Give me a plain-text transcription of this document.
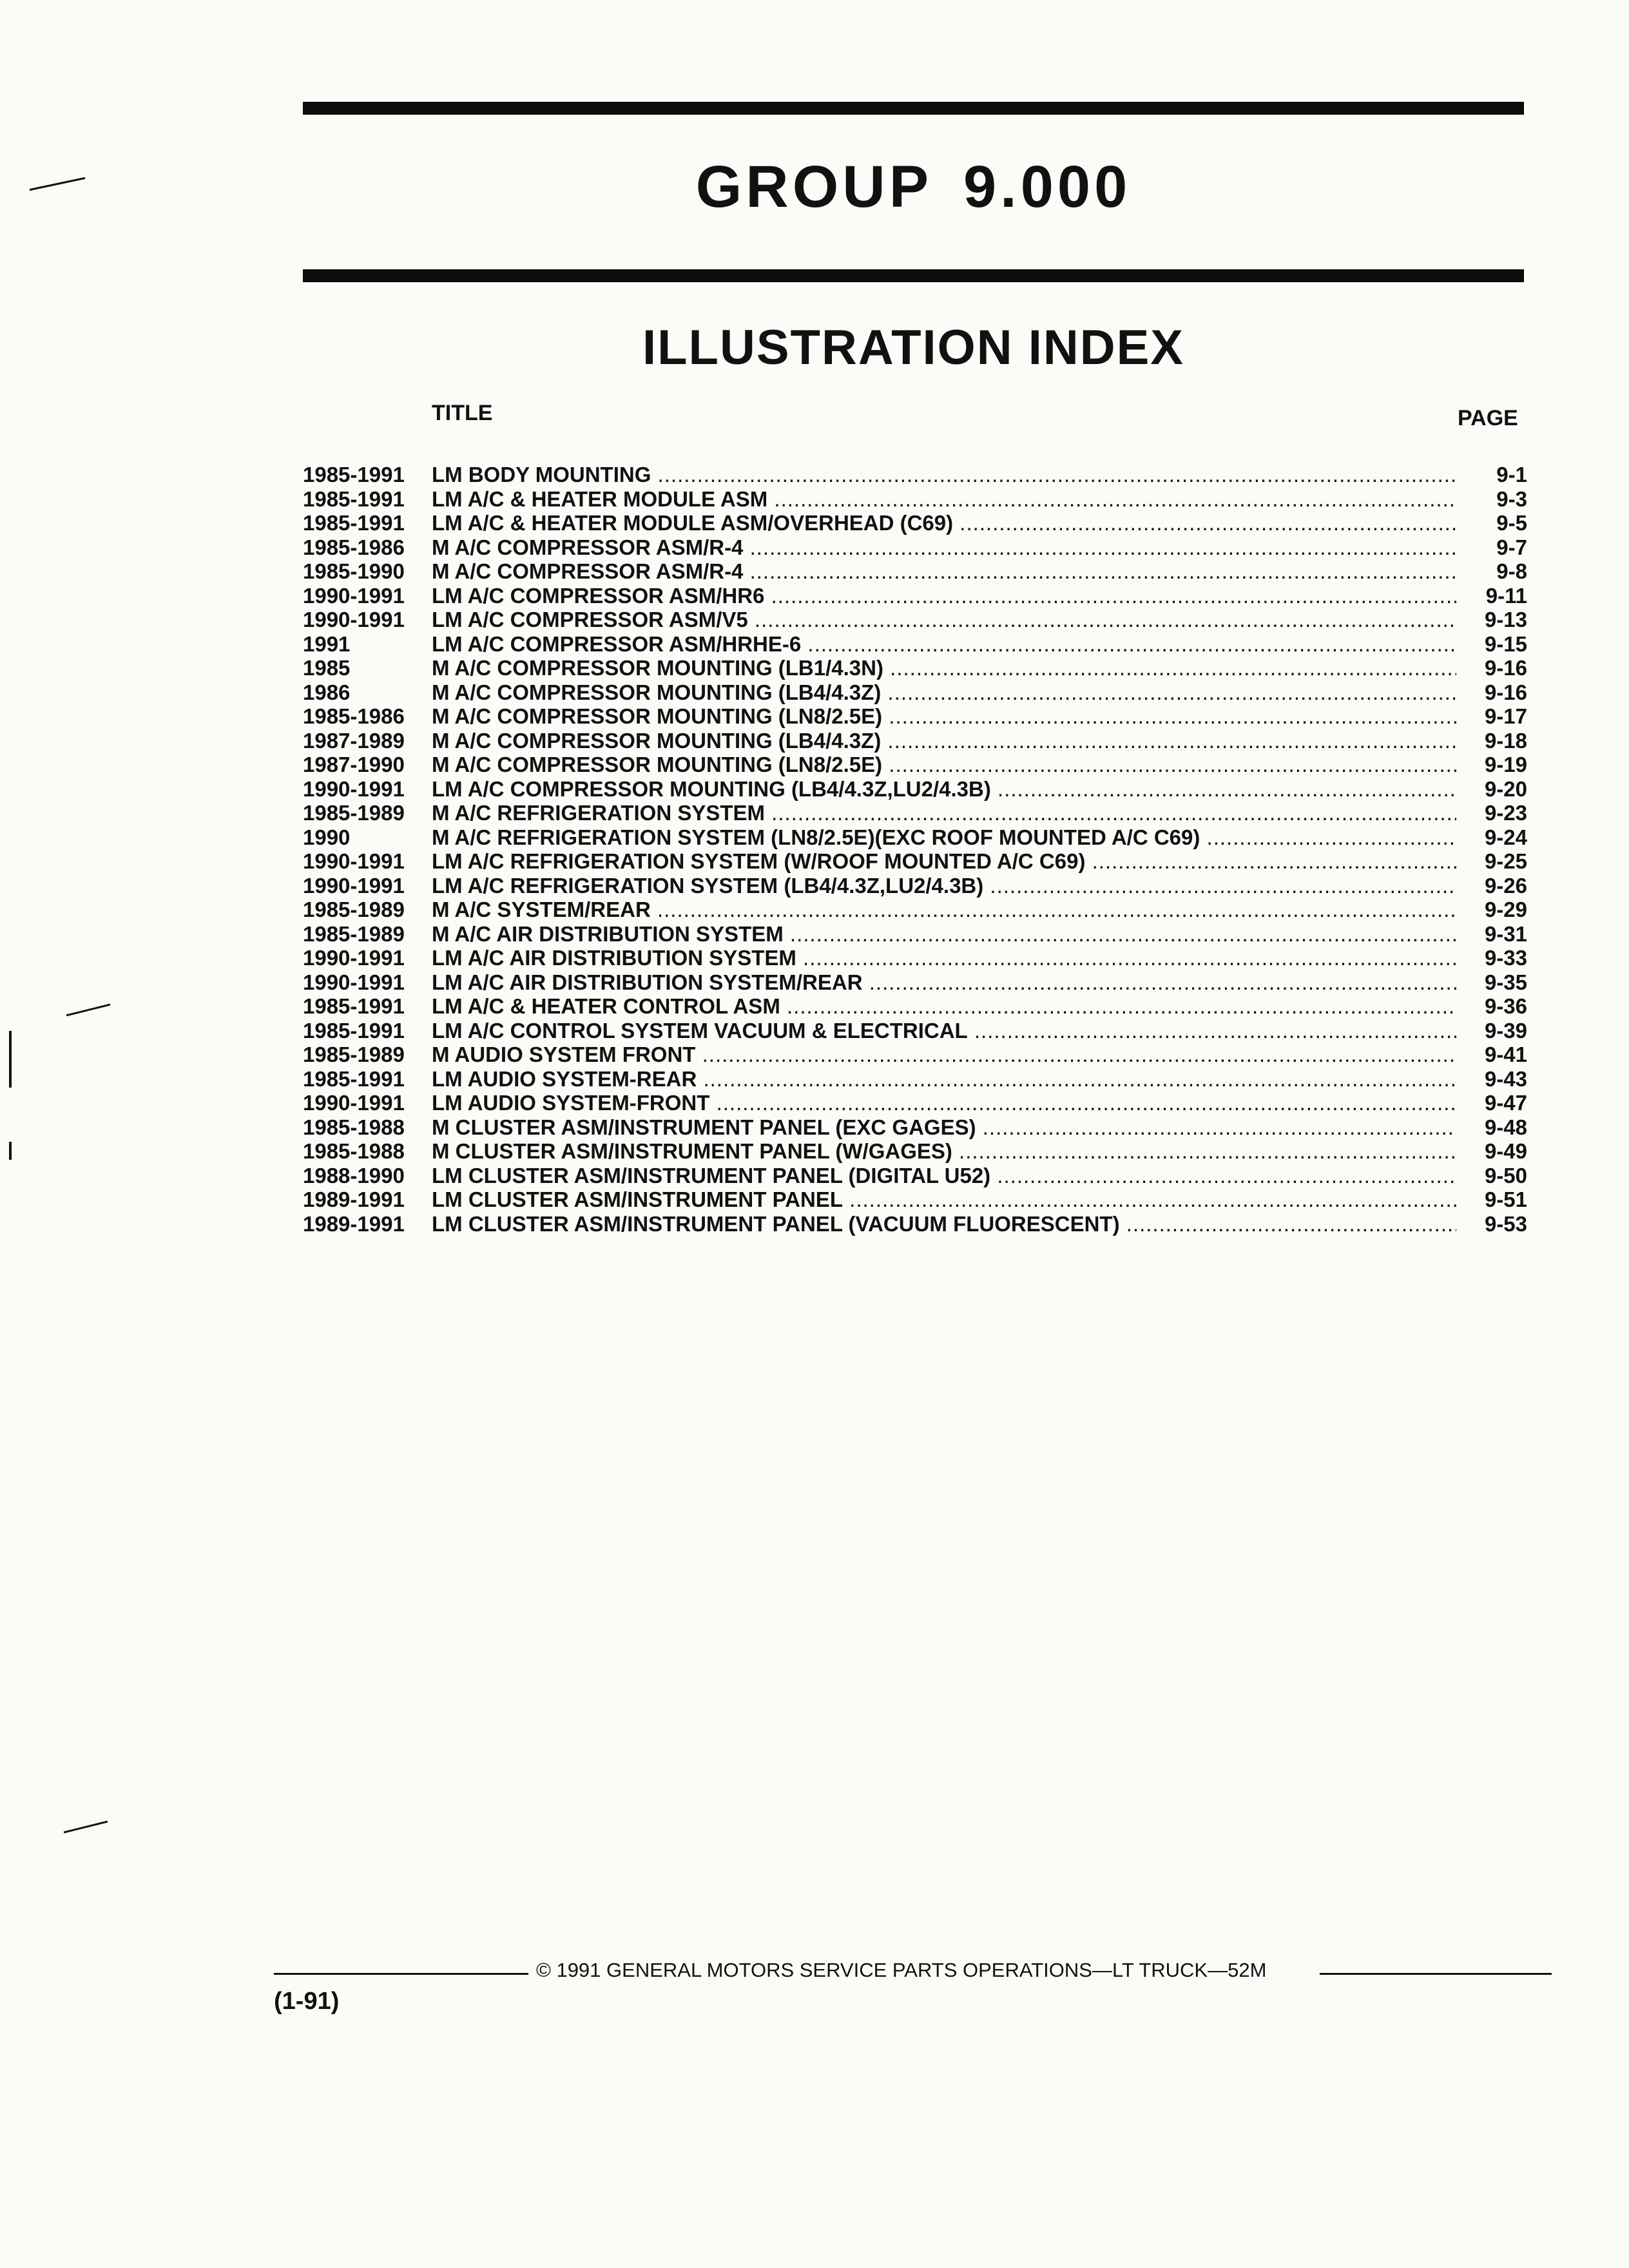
GROUP 9.000
ILLUSTRATION INDEX
TITLE	PAGE
1985-1991	LM BODY MOUNTING .....	9-1
1985-1991	LM A/C & HEATER MODULE ASM .....	9-3
1985-1991	LM A/C & HEATER MODULE ASM/OVERHEAD (C69) .....	9-5
1985-1986	M A/C COMPRESSOR ASM/R-4 .....	9-7
1985-1990	M A/C COMPRESSOR ASM/R-4 .....	9-8
1990-1991	LM A/C COMPRESSOR ASM/HR6 .....	9-11
1990-1991	LM A/C COMPRESSOR ASM/V5 .....	9-13
1991	LM A/C COMPRESSOR ASM/HRHE-6 .....	9-15
1985	M A/C COMPRESSOR MOUNTING (LB1/4.3N) .....	9-16
1986	M A/C COMPRESSOR MOUNTING (LB4/4.3Z) .....	9-16
1985-1986	M A/C COMPRESSOR MOUNTING (LN8/2.5E) .....	9-17
1987-1989	M A/C COMPRESSOR MOUNTING (LB4/4.3Z) .....	9-18
1987-1990	M A/C COMPRESSOR MOUNTING (LN8/2.5E) .....	9-19
1990-1991	LM A/C COMPRESSOR MOUNTING (LB4/4.3Z,LU2/4.3B) .....	9-20
1985-1989	M A/C REFRIGERATION SYSTEM .....	9-23
1990	M A/C REFRIGERATION SYSTEM (LN8/2.5E)(EXC ROOF MOUNTED A/C C69) .....	9-24
1990-1991	LM A/C REFRIGERATION SYSTEM (W/ROOF MOUNTED A/C C69) .....	9-25
1990-1991	LM A/C REFRIGERATION SYSTEM (LB4/4.3Z,LU2/4.3B) .....	9-26
1985-1989	M A/C SYSTEM/REAR .....	9-29
1985-1989	M A/C AIR DISTRIBUTION SYSTEM .....	9-31
1990-1991	LM A/C AIR DISTRIBUTION SYSTEM .....	9-33
1990-1991	LM A/C AIR DISTRIBUTION SYSTEM/REAR .....	9-35
1985-1991	LM A/C & HEATER CONTROL ASM .....	9-36
1985-1991	LM A/C CONTROL SYSTEM VACUUM & ELECTRICAL .....	9-39
1985-1989	M AUDIO SYSTEM FRONT .....	9-41
1985-1991	LM AUDIO SYSTEM-REAR .....	9-43
1990-1991	LM AUDIO SYSTEM-FRONT .....	9-47
1985-1988	M CLUSTER ASM/INSTRUMENT PANEL (EXC GAGES) .....	9-48
1985-1988	M CLUSTER ASM/INSTRUMENT PANEL (W/GAGES) .....	9-49
1988-1990	LM CLUSTER ASM/INSTRUMENT PANEL (DIGITAL U52) .....	9-50
1989-1991	LM CLUSTER ASM/INSTRUMENT PANEL .....	9-51
1989-1991	LM CLUSTER ASM/INSTRUMENT PANEL (VACUUM FLUORESCENT) .....	9-53
© 1991 GENERAL MOTORS SERVICE PARTS OPERATIONS—LT TRUCK—52M
(1-91)
